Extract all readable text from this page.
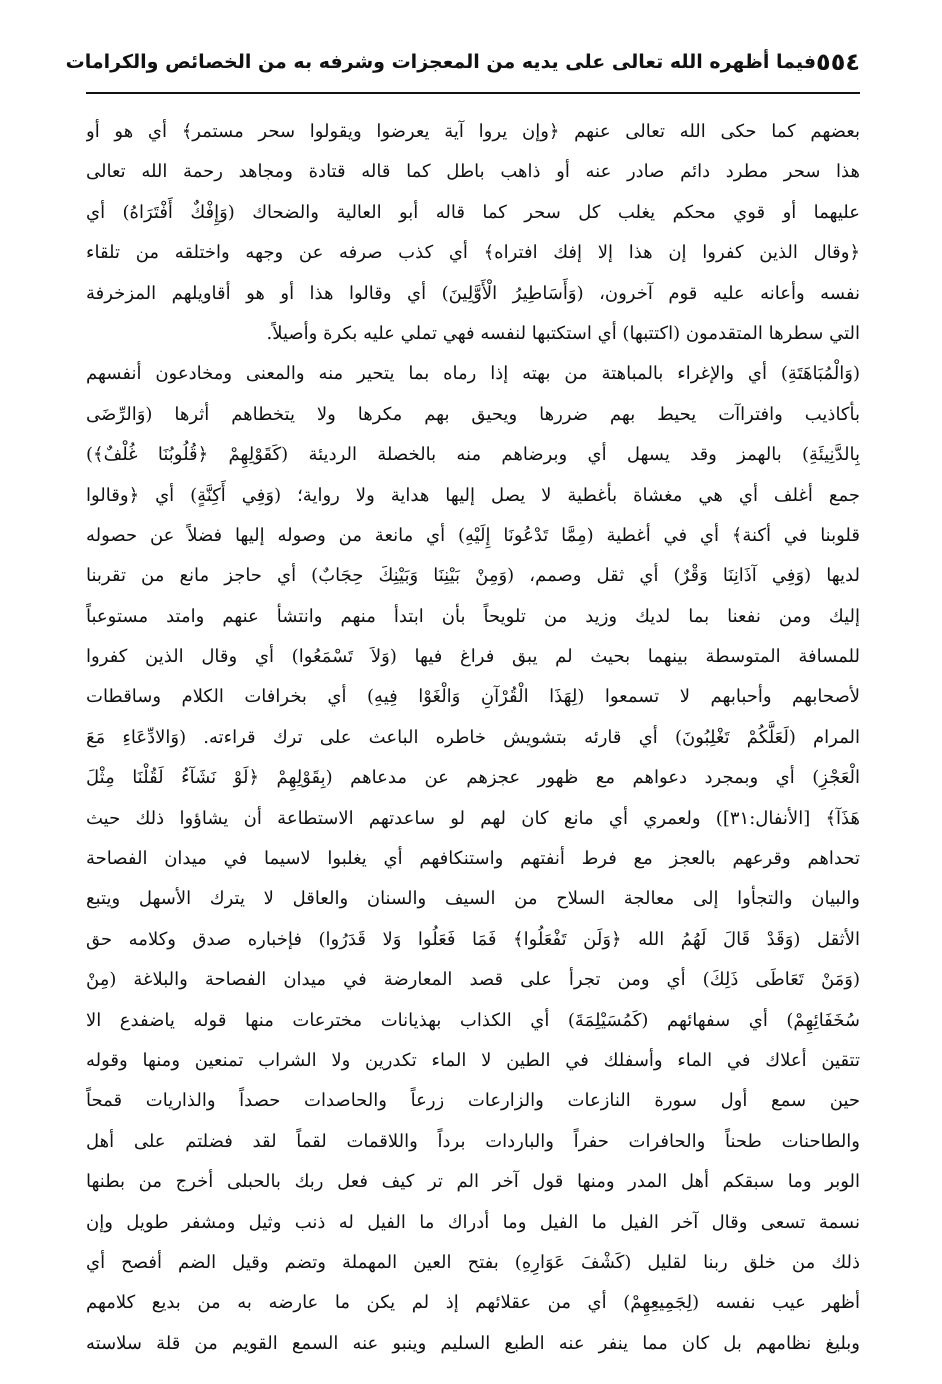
٥٥٤
فيما أظهره الله تعالى على يديه من المعجزات وشرفه به من الخصائص والكرامات
بعضهم كما حكى الله تعالى عنهم ﴿وإن يروا آية يعرضوا ويقولوا سحر مستمر﴾ أي هو أو
هذا سحر مطرد دائم صادر عنه أو ذاهب باطل كما قاله قتادة ومجاهد رحمة الله تعالى
عليهما أو قوي محكم يغلب كل سحر كما قاله أبو العالية والضحاك (وَإِفْكٌ أَفْتَرَاهُ) أي
﴿وقال الذين كفروا إن هذا إلا إفك افتراه﴾ أي كذب صرفه عن وجهه واختلقه من تلقاء
نفسه وأعانه عليه قوم آخرون، (وَأَسَاطِيرُ الْأَوَّلِينَ) أي وقالوا هذا أو هو أقاويلهم المزخرفة
التي سطرها المتقدمون (اكتتبها) أي استكتبها لنفسه فهي تملي عليه بكرة وأصيلاً.
(وَالْمُبَاهَتَةِ) أي والإغراء بالمباهتة من بهته إذا رماه بما يتحير منه والمعنى ومخادعون أنفسهم
بأكاذيب وافتراآت يحيط بهم ضررها ويحيق بهم مكرها ولا يتخطاهم أثرها (وَالرِّضَى
بِالدَّنِيئَةِ) بالهمز وقد يسهل أي وبرضاهم منه بالخصلة الرديئة (كَقَوْلِهِمْ ﴿قُلُوبُنَا غُلْفٌ﴾)
جمع أغلف أي هي مغشاة بأغطية لا يصل إليها هداية ولا رواية؛ (وَفِي أَكِنَّةٍ) أي ﴿وقالوا
قلوبنا في أكنة﴾ أي في أغطية (مِمَّا تَدْعُونَا إِلَيْهِ) أي مانعة من وصوله إليها فضلاً عن حصوله
لديها (وَفِي آذَانِنَا وَقْرٌ) أي ثقل وصمم، (وَمِنْ بَيْنِنَا وَبَيْنِكَ حِجَابٌ) أي حاجز مانع من تقربنا
إليك ومن نفعنا بما لديك وزيد من تلويحاً بأن ابتدأ منهم وانتشأ عنهم وامتد مستوعباً
للمسافة المتوسطة بينهما بحيث لم يبق فراغ فيها (وَلاَ تَسْمَعُوا) أي وقال الذين كفروا
لأصحابهم وأحبابهم لا تسمعوا (لِهَذَا الْقُرْآنِ وَالْغَوْا فِيهِ) أي بخرافات الكلام وساقطات
المرام (لَعَلَّكُمْ تَغْلِبُونَ) أي قارئه بتشويش خاطره الباعث على ترك قراءته. (وَالادِّعَاءِ مَعَ
الْعَجْزِ) أي وبمجرد دعواهم مع ظهور عجزهم عن مدعاهم (بِقَوْلِهِمْ ﴿لَوْ نَشَآءُ لَقُلْنَا مِثْلَ
هَذَآ﴾ [الأنفال:٣١]) ولعمري أي مانع كان لهم لو ساعدتهم الاستطاعة أن يشاؤوا ذلك حيث
تحداهم وقرعهم بالعجز مع فرط أنفتهم واستنكافهم أي يغلبوا لاسيما في ميدان الفصاحة
والبيان والتجأوا إلى معالجة السلاح من السيف والسنان والعاقل لا يترك الأسهل ويتبع
الأثقل (وَقَدْ قَالَ لَهُمُ الله ﴿وَلَن تَفْعَلُوا﴾ فَمَا فَعَلُوا وَلا قَدَرُوا) فإخباره صدق وكلامه حق
(وَمَنْ تَعَاطَى ذَلِكَ) أي ومن تجرأ على قصد المعارضة في ميدان الفصاحة والبلاغة (مِنْ
سُخَفَائِهِمْ) أي سفهائهم (كَمُسَيْلِمَةَ) أي الكذاب بهذيانات مخترعات منها قوله ياضفدع الا
تتقين أعلاك في الماء وأسفلك في الطين لا الماء تكدرين ولا الشراب تمنعين ومنها وقوله
حين سمع أول سورة النازعات والزارعات زرعاً والحاصدات حصداً والذاريات قمحاً
والطاحنات طحناً والحافرات حفراً والباردات برداً واللاقمات لقماً لقد فضلتم على أهل
الوبر وما سبقكم أهل المدر ومنها قول آخر الم تر كيف فعل ربك بالحبلى أخرج من بطنها
نسمة تسعى وقال آخر الفيل ما الفيل وما أدراك ما الفيل له ذنب وثيل ومشفر طويل وإن
ذلك من خلق ربنا لقليل (كَشْفَ عَوَارِهِ) بفتح العين المهملة وتضم وقيل الضم أفصح أي
أظهر عيب نفسه (لِجَمِيعِهِمْ) أي من عقلائهم إذ لم يكن ما عارضه به من بديع كلامهم
وبليغ نظامهم بل كان مما ينفر عنه الطبع السليم وينبو عنه السمع القويم من قلة سلاسته
